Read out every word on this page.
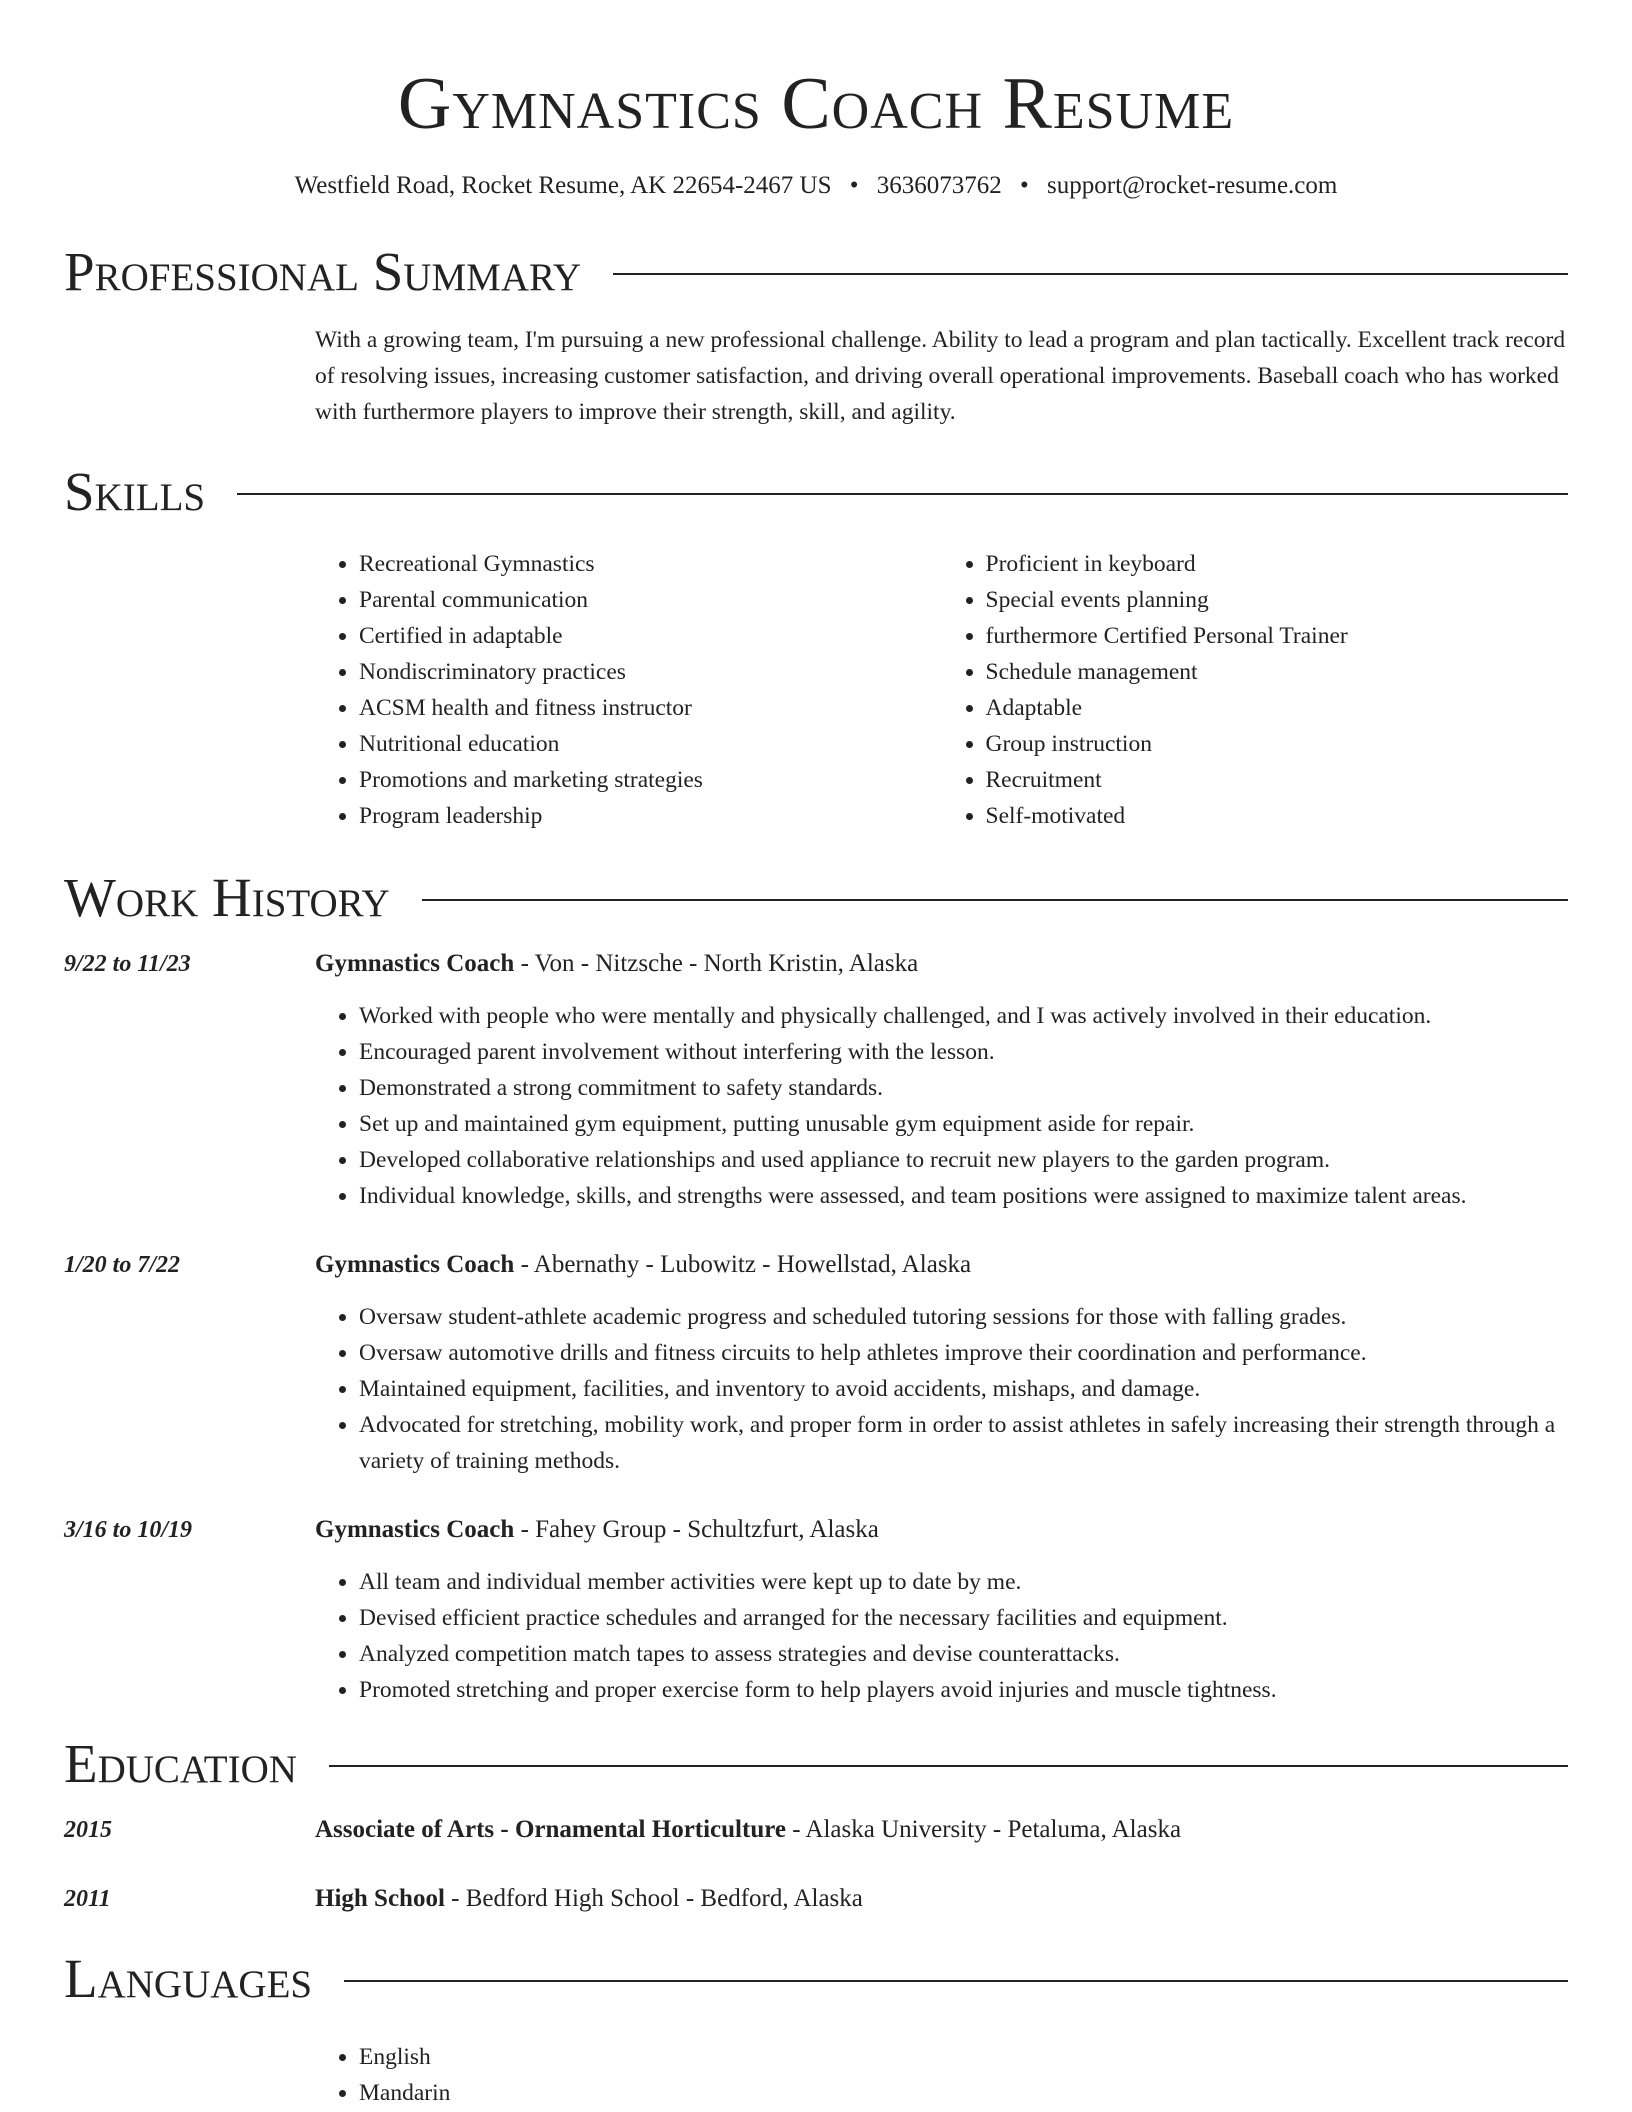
Gymnastics Coach Resume
Westfield Road, Rocket Resume, AK 22654-2467 US • 3636073762 • support@rocket-resume.com
Professional Summary
With a growing team, I'm pursuing a new professional challenge. Ability to lead a program and plan tactically. Excellent track record of resolving issues, increasing customer satisfaction, and driving overall operational improvements. Baseball coach who has worked with furthermore players to improve their strength, skill, and agility.
Skills
• Recreational Gymnastics
• Parental communication
• Certified in adaptable
• Nondiscriminatory practices
• ACSM health and fitness instructor
• Nutritional education
• Promotions and marketing strategies
• Program leadership
• Proficient in keyboard
• Special events planning
• furthermore Certified Personal Trainer
• Schedule management
• Adaptable
• Group instruction
• Recruitment
• Self-motivated
Work History
9/22 to 11/23	Gymnastics Coach - Von - Nitzsche - North Kristin, Alaska
• Worked with people who were mentally and physically challenged, and I was actively involved in their education.
• Encouraged parent involvement without interfering with the lesson.
• Demonstrated a strong commitment to safety standards.
• Set up and maintained gym equipment, putting unusable gym equipment aside for repair.
• Developed collaborative relationships and used appliance to recruit new players to the garden program.
• Individual knowledge, skills, and strengths were assessed, and team positions were assigned to maximize talent areas.
1/20 to 7/22	Gymnastics Coach - Abernathy - Lubowitz - Howellstad, Alaska
• Oversaw student-athlete academic progress and scheduled tutoring sessions for those with falling grades.
• Oversaw automotive drills and fitness circuits to help athletes improve their coordination and performance.
• Maintained equipment, facilities, and inventory to avoid accidents, mishaps, and damage.
• Advocated for stretching, mobility work, and proper form in order to assist athletes in safely increasing their strength through a variety of training methods.
3/16 to 10/19	Gymnastics Coach - Fahey Group - Schultzfurt, Alaska
• All team and individual member activities were kept up to date by me.
• Devised efficient practice schedules and arranged for the necessary facilities and equipment.
• Analyzed competition match tapes to assess strategies and devise counterattacks.
• Promoted stretching and proper exercise form to help players avoid injuries and muscle tightness.
Education
2015	Associate of Arts - Ornamental Horticulture - Alaska University - Petaluma, Alaska
2011	High School - Bedford High School - Bedford, Alaska
Languages
• English
• Mandarin
